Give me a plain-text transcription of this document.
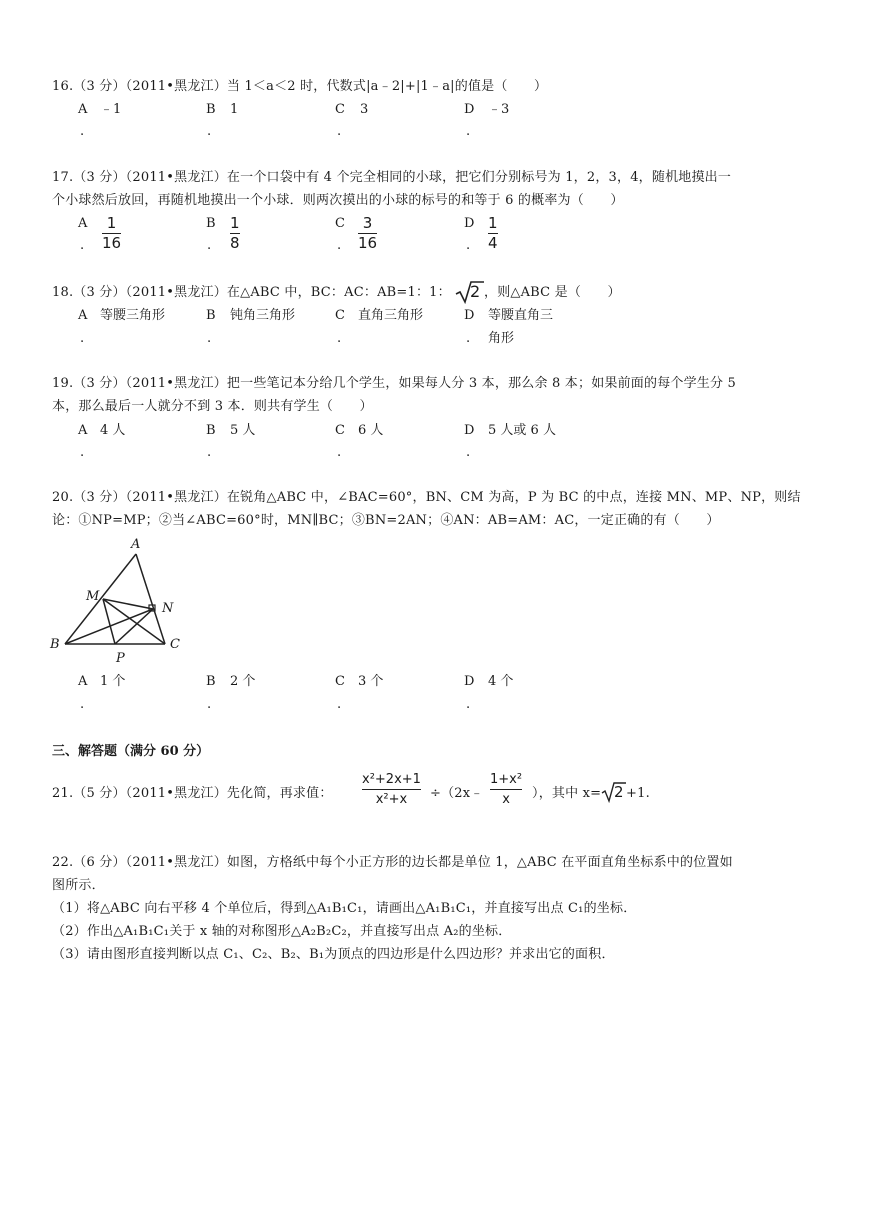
16.（3 分）（2011•黑龙江）当 1＜a＜2 时，代数式|a﹣2|+|1﹣a|的值是（　　）
A ﹣1
.
B 1
.
C 3
.
D ﹣3
.
17.（3 分）（2011•黑龙江）在一个口袋中有 4 个完全相同的小球，把它们分别标号为 1，2，3，4，随机地摸出一
个小球然后放回，再随机地摸出一个小球．则两次摸出的小球的标号的和等于 6 的概率为（　　）
A
.
1
16
B
.
1
8
C
.
3
16
D
.
1
4
18.（3 分）（2011•黑龙江）在△ABC 中，BC：AC：AB=1：1： 2 ，则△ABC 是（　　）
A 等腰三角形
.
B 钝角三角形
.
C 直角三角形
.
D 等腰直角三
. 角形
19.（3 分）（2011•黑龙江）把一些笔记本分给几个学生，如果每人分 3 本，那么余 8 本；如果前面的每个学生分 5
本，那么最后一人就分不到 3 本．则共有学生（　　）
A 4 人
.
B 5 人
.
C 6 人
.
D 5 人或 6 人
.
20.（3 分）（2011•黑龙江）在锐角△ABC 中，∠BAC=60°，BN、CM 为高，P 为 BC 的中点，连接 MN、MP、NP，则结
论：①NP=MP；②当∠ABC=60°时，MN∥BC；③BN=2AN；④AN：AB=AM：AC，一定正确的有（　　）
A
M
N
B
P
C
A 1 个
.
B 2 个
.
C 3 个
.
D 4 个
.
三、解答题（满分 60 分）
21.（5 分）（2011•黑龙江）先化简，再求值：
x²+2x+1
x²+x ÷（2x﹣
1+x²
x ），其中 x= 2 +1.
22.（6 分）（2011•黑龙江）如图，方格纸中每个小正方形的边长都是单位 1，△ABC 在平面直角坐标系中的位置如
图所示．
（1）将△ABC 向右平移 4 个单位后，得到△A₁B₁C₁，请画出△A₁B₁C₁，并直接写出点 C₁的坐标．
（2）作出△A₁B₁C₁关于 x 轴的对称图形△A₂B₂C₂，并直接写出点 A₂的坐标．
（3）请由图形直接判断以点 C₁、C₂、B₂、B₁为顶点的四边形是什么四边形？并求出它的面积．
